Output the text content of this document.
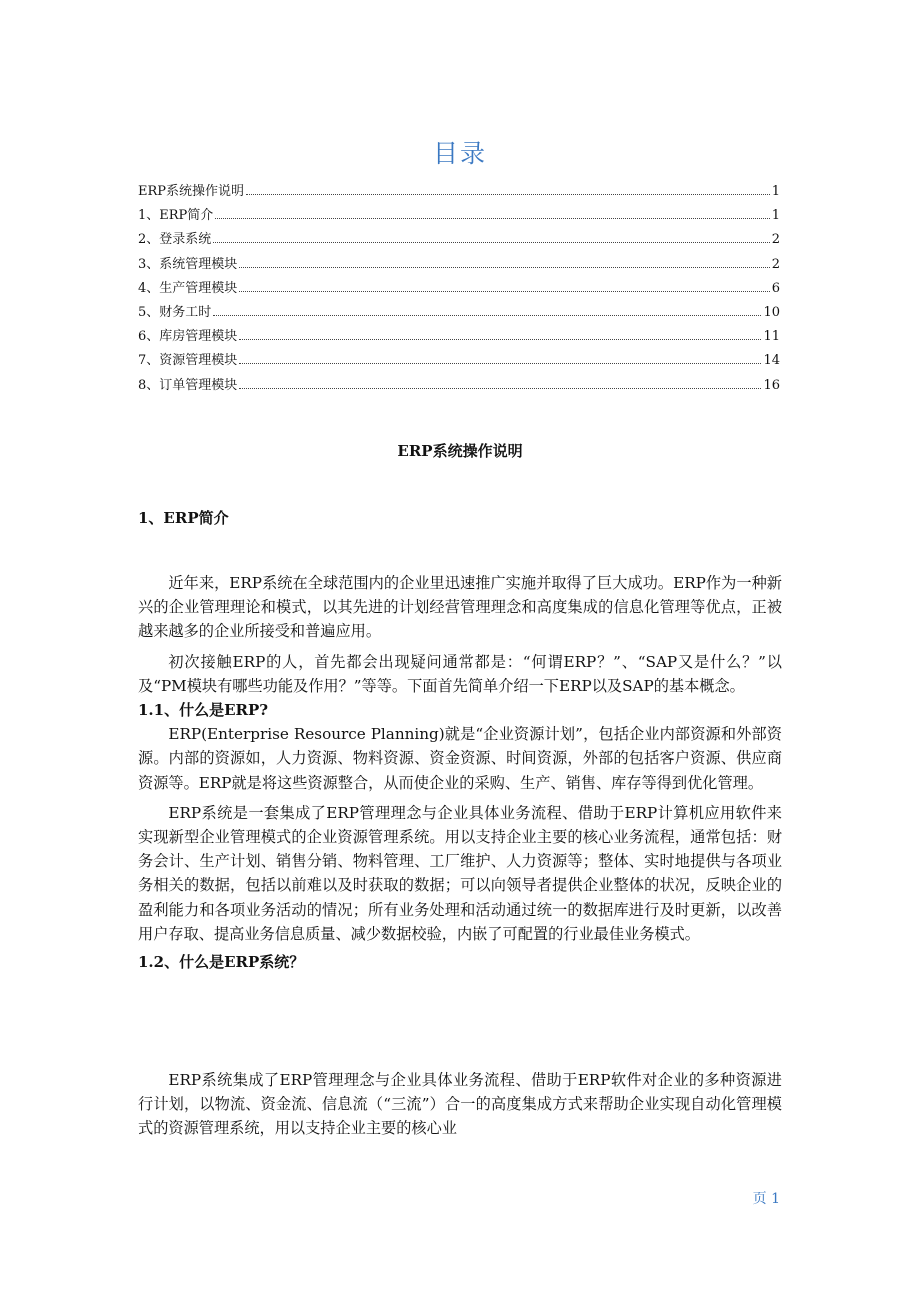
目录
ERP系统操作说明	1
1、ERP简介	1
2、登录系统	2
3、系统管理模块	2
4、生产管理模块	6
5、财务工时	10
6、库房管理模块	11
7、资源管理模块	14
8、订单管理模块	16
ERP系统操作说明
1、ERP简介

近年来，ERP系统在全球范围内的企业里迅速推广实施并取得了巨大成功。ERP作为一种新兴的企业管理理论和模式，以其先进的计划经营管理理念和高度集成的信息化管理等优点，正被越来越多的企业所接受和普遍应用。

初次接触ERP的人，首先都会出现疑问通常都是：“何谓ERP？”、“SAP又是什么？”以及“PM模块有哪些功能及作用？”等等。下面首先简单介绍一下ERP以及SAP的基本概念。

1.1、什么是ERP?

ERP(Enterprise Resource Planning)就是“企业资源计划”，包括企业内部资源和外部资源。内部的资源如，人力资源、物料资源、资金资源、时间资源，外部的包括客户资源、供应商资源等。ERP就是将这些资源整合，从而使企业的采购、生产、销售、库存等得到优化管理。

ERP系统是一套集成了ERP管理理念与企业具体业务流程、借助于ERP计算机应用软件来实现新型企业管理模式的企业资源管理系统。用以支持企业主要的核心业务流程，通常包括：财务会计、生产计划、销售分销、物料管理、工厂维护、人力资源等；整体、实时地提供与各项业务相关的数据，包括以前难以及时获取的数据；可以向领导者提供企业整体的状况，反映企业的盈利能力和各项业务活动的情况；所有业务处理和活动通过统一的数据库进行及时更新，以改善用户存取、提高业务信息质量、减少数据校验，内嵌了可配置的行业最佳业务模式。

1.2、什么是ERP系统？

ERP系统集成了ERP管理理念与企业具体业务流程、借助于ERP软件对企业的多种资源进行计划，以物流、资金流、信息流（“三流”）合一的高度集成方式来帮助企业实现自动化管理模式的资源管理系统，用以支持企业主要的核心业

页 1
